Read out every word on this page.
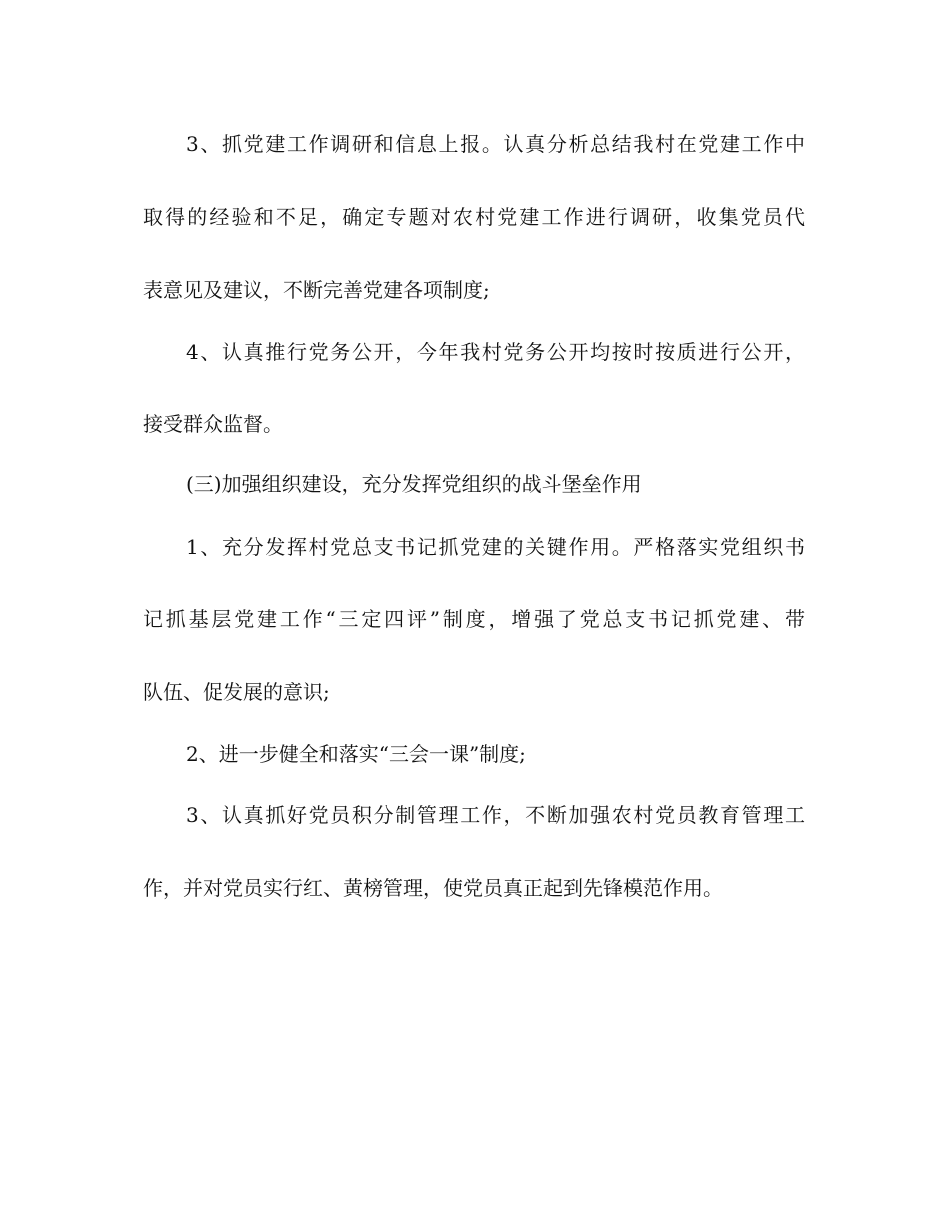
3、抓党建工作调研和信息上报。认真分析总结我村在党建工作中
取得的经验和不足，确定专题对农村党建工作进行调研，收集党员代
表意见及建议，不断完善党建各项制度;
4、认真推行党务公开，今年我村党务公开均按时按质进行公开，
接受群众监督。
(三)加强组织建设，充分发挥党组织的战斗堡垒作用
1、充分发挥村党总支书记抓党建的关键作用。严格落实党组织书
记抓基层党建工作“三定四评”制度，增强了党总支书记抓党建、带
队伍、促发展的意识;
2、进一步健全和落实“三会一课”制度;
3、认真抓好党员积分制管理工作，不断加强农村党员教育管理工
作，并对党员实行红、黄榜管理，使党员真正起到先锋模范作用。
